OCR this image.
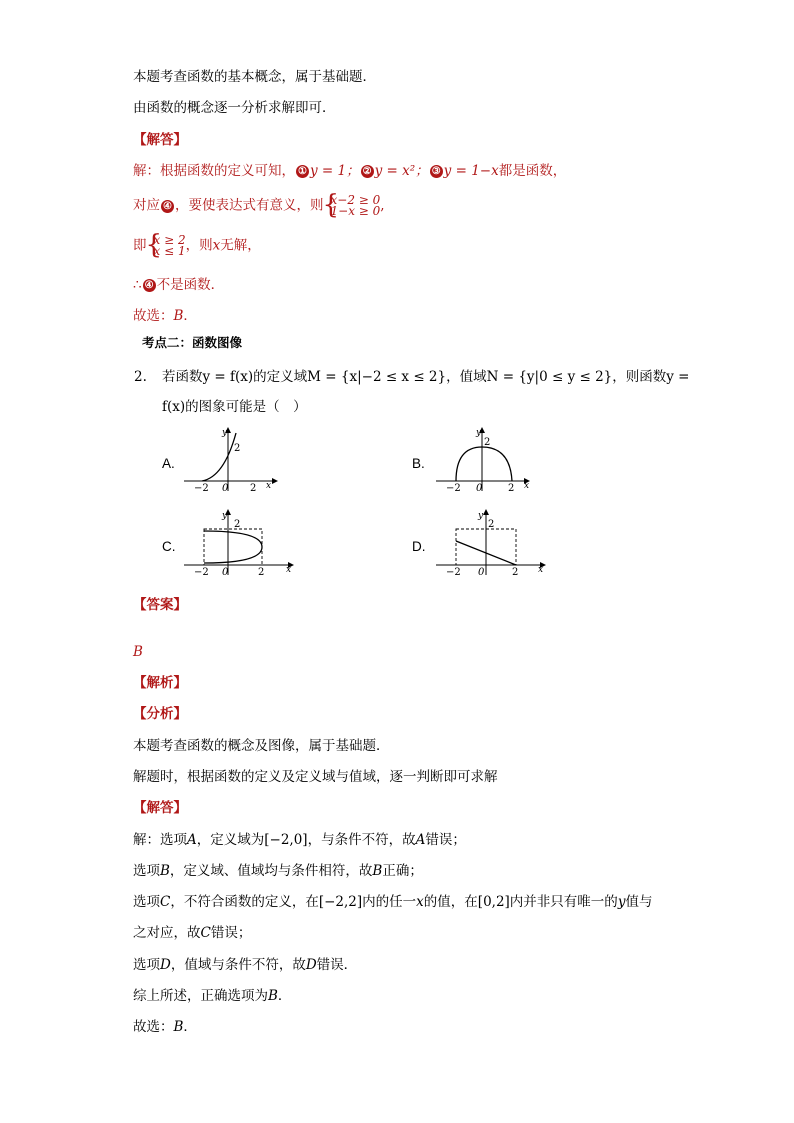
本题考查函数的基本概念，属于基础题．
由函数的概念逐一分析求解即可．
【解答】
解：根据函数的定义可知， ① y = 1； ② y = x²； ③ y = 1−x都是函数，
对应 ④ ，要使表达式有意义，则 { x−2 ≥ 0
1−x ≥ 0,
即 { x ≥ 2
x ≤ 1，则x无解，
∴ ④ 不是函数．
故选：B．
考点二：函数图像
2. 若函数y = f(x)的定义域M = {x|−2 ≤ x ≤ 2}，值域N = {y|0 ≤ y ≤ 2}，则函数y =
f(x)的图象可能是（　）
A.	B.
C.	D.
y
2
−2 0 2 x
y
2
−2 0	2 x
y
2
−2 0	2 x
y
2
−2 0	2 x
【答案】
B
【解析】
【分析】
本题考查函数的概念及图像，属于基础题．
解题时，根据函数的定义及定义域与值域，逐一判断即可求解
【解答】
解：选项A，定义域为[−2,0]，与条件不符，故A错误；
选项B，定义域、值域均与条件相符，故B正确；
选项C，不符合函数的定义，在[−2,2]内的任一x的值，在[0,2]内并非只有唯一的y值与
之对应，故C错误；
选项D，值域与条件不符，故D错误．
综上所述，正确选项为B．
故选：B．
